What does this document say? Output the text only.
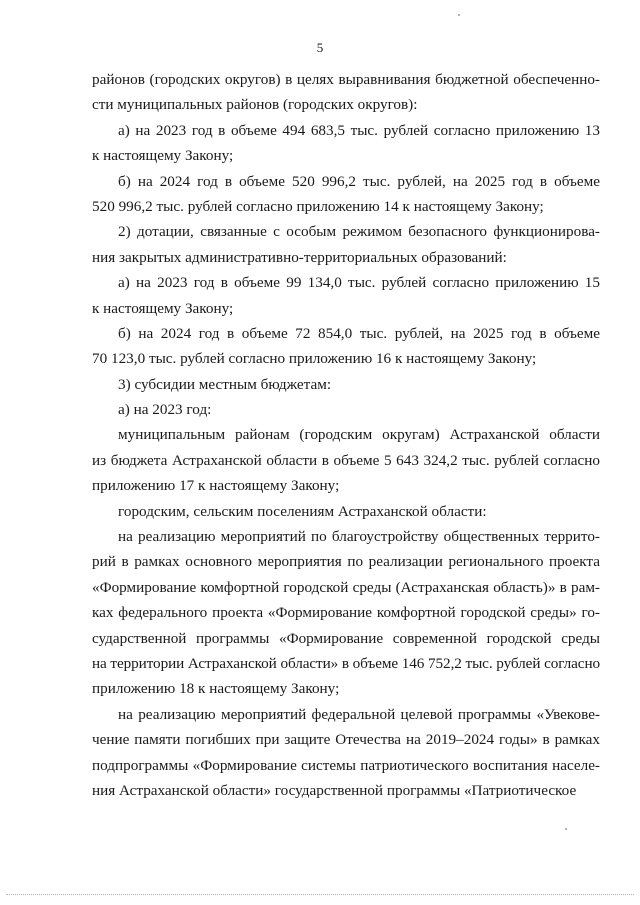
5
районов (городских округов) в целях выравнивания бюджетной обеспеченно-
сти муниципальных районов (городских округов):
а) на 2023 год в объеме 494 683,5 тыс. рублей согласно приложению 13
к настоящему Закону;
б) на 2024 год в объеме 520 996,2 тыс. рублей, на 2025 год в объеме
520 996,2 тыс. рублей согласно приложению 14 к настоящему Закону;
2) дотации, связанные с особым режимом безопасного функционирова-
ния закрытых административно-территориальных образований:
а) на 2023 год в объеме 99 134,0 тыс. рублей согласно приложению 15
к настоящему Закону;
б) на 2024 год в объеме 72 854,0 тыс. рублей, на 2025 год в объеме
70 123,0 тыс. рублей согласно приложению 16 к настоящему Закону;
3) субсидии местным бюджетам:
а) на 2023 год:
муниципальным районам (городским округам) Астраханской области
из бюджета Астраханской области в объеме 5 643 324,2 тыс. рублей согласно
приложению 17 к настоящему Закону;
городским, сельским поселениям Астраханской области:
на реализацию мероприятий по благоустройству общественных террито-
рий в рамках основного мероприятия по реализации регионального проекта
«Формирование комфортной городской среды (Астраханская область)» в рам-
ках федерального проекта «Формирование комфортной городской среды» го-
сударственной программы «Формирование современной городской среды
на территории Астраханской области» в объеме 146 752,2 тыс. рублей согласно
приложению 18 к настоящему Закону;
на реализацию мероприятий федеральной целевой программы «Увекове-
чение памяти погибших при защите Отечества на 2019–2024 годы» в рамках
подпрограммы «Формирование системы патриотического воспитания населе-
ния Астраханской области» государственной программы «Патриотическое
